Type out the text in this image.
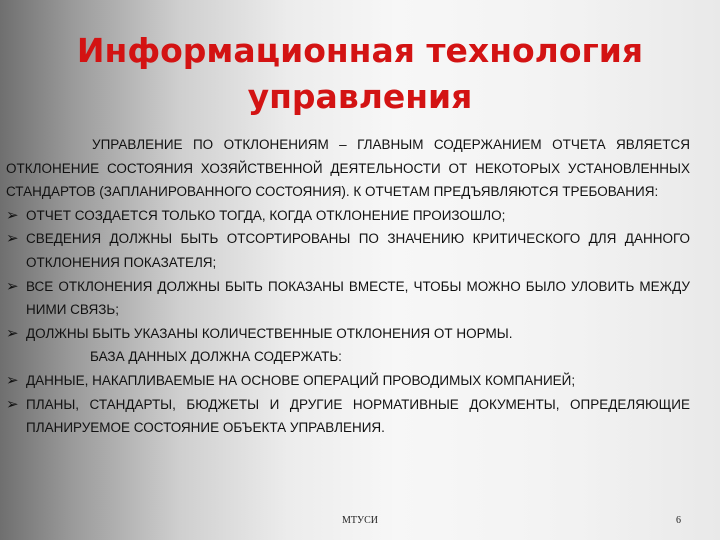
Информационная технология
управления

УПРАВЛЕНИЕ ПО ОТКЛОНЕНИЯМ – ГЛАВНЫМ СОДЕРЖАНИЕМ ОТЧЕТА ЯВЛЯЕТСЯ ОТКЛОНЕНИЕ СОСТОЯНИЯ ХОЗЯЙСТВЕННОЙ ДЕЯТЕЛЬНОСТИ ОТ НЕКОТОРЫХ УСТАНОВЛЕННЫХ СТАНДАРТОВ (ЗАПЛАНИРОВАННОГО СОСТОЯНИЯ). К ОТЧЕТАМ ПРЕДЪЯВЛЯЮТСЯ ТРЕБОВАНИЯ:

➢ ОТЧЕТ СОЗДАЕТСЯ ТОЛЬКО ТОГДА, КОГДА ОТКЛОНЕНИЕ ПРОИЗОШЛО;
➢ СВЕДЕНИЯ ДОЛЖНЫ БЫТЬ ОТСОРТИРОВАНЫ ПО ЗНАЧЕНИЮ КРИТИЧЕСКОГО ДЛЯ ДАННОГО ОТКЛОНЕНИЯ ПОКАЗАТЕЛЯ;
➢ ВСЕ ОТКЛОНЕНИЯ ДОЛЖНЫ БЫТЬ ПОКАЗАНЫ ВМЕСТЕ, ЧТОБЫ МОЖНО БЫЛО УЛОВИТЬ МЕЖДУ НИМИ СВЯЗЬ;
➢ ДОЛЖНЫ БЫТЬ УКАЗАНЫ КОЛИЧЕСТВЕННЫЕ ОТКЛОНЕНИЯ ОТ НОРМЫ.

БАЗА ДАННЫХ ДОЛЖНА СОДЕРЖАТЬ:

➢ ДАННЫЕ, НАКАПЛИВАЕМЫЕ НА ОСНОВЕ ОПЕРАЦИЙ ПРОВОДИМЫХ КОМПАНИЕЙ;
➢ ПЛАНЫ, СТАНДАРТЫ, БЮДЖЕТЫ И ДРУГИЕ НОРМАТИВНЫЕ ДОКУМЕНТЫ, ОПРЕДЕЛЯЮЩИЕ ПЛАНИРУЕМОЕ СОСТОЯНИЕ ОБЪЕКТА УПРАВЛЕНИЯ.
МТУСИ	6
